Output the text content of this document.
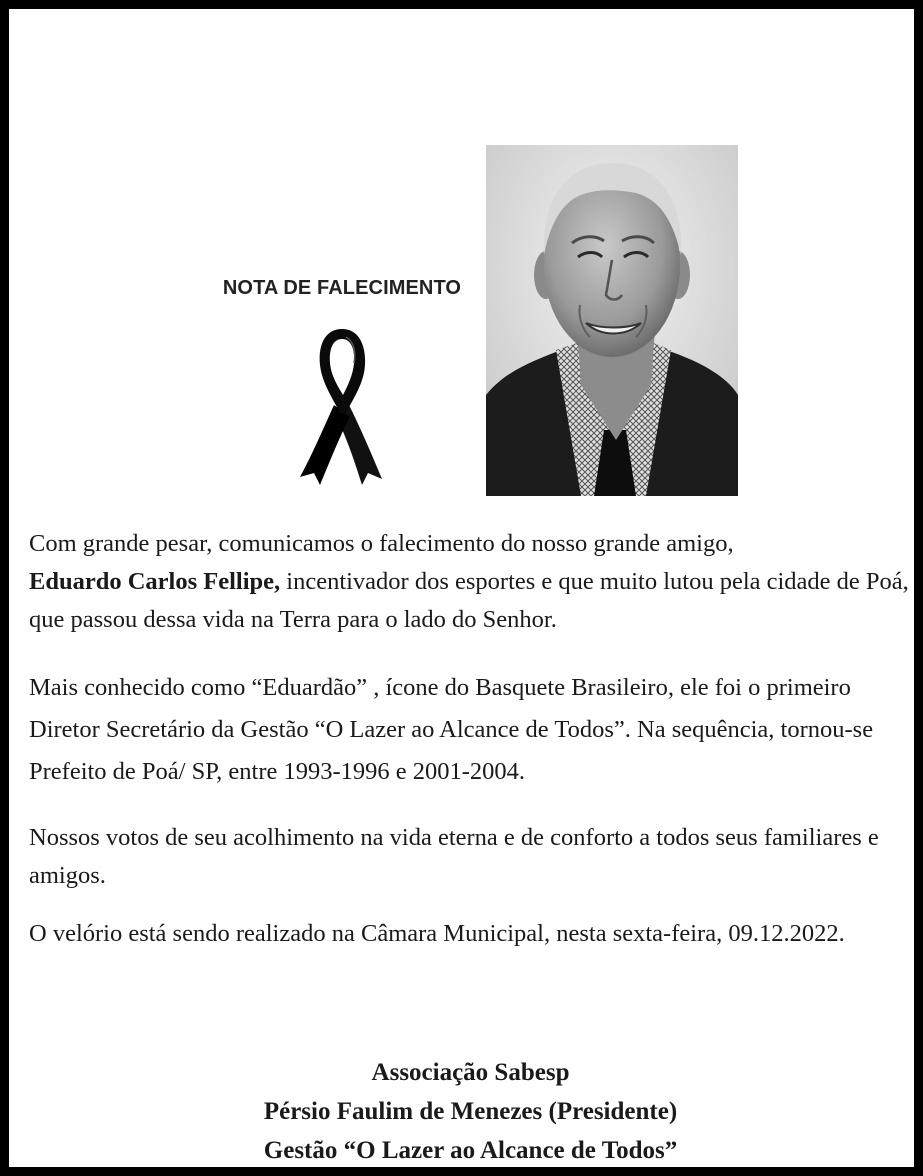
NOTA DE FALECIMENTO

Com grande pesar, comunicamos o falecimento do nosso grande amigo,
Eduardo Carlos Fellipe, incentivador dos esportes e que muito lutou pela cidade de Poá, que passou dessa vida na Terra para o lado do Senhor.

Mais conhecido como “Eduardão” , ícone do Basquete Brasileiro, ele foi o primeiro Diretor Secretário da Gestão “O Lazer ao Alcance de Todos”. Na sequência, tornou-se Prefeito de Poá/ SP, entre 1993-1996 e 2001-2004.

Nossos votos de seu acolhimento na vida eterna e de conforto a todos seus familiares e amigos.

O velório está sendo realizado na Câmara Municipal, nesta sexta-feira, 09.12.2022.

Associação Sabesp
Pérsio Faulim de Menezes (Presidente)
Gestão “O Lazer ao Alcance de Todos”
